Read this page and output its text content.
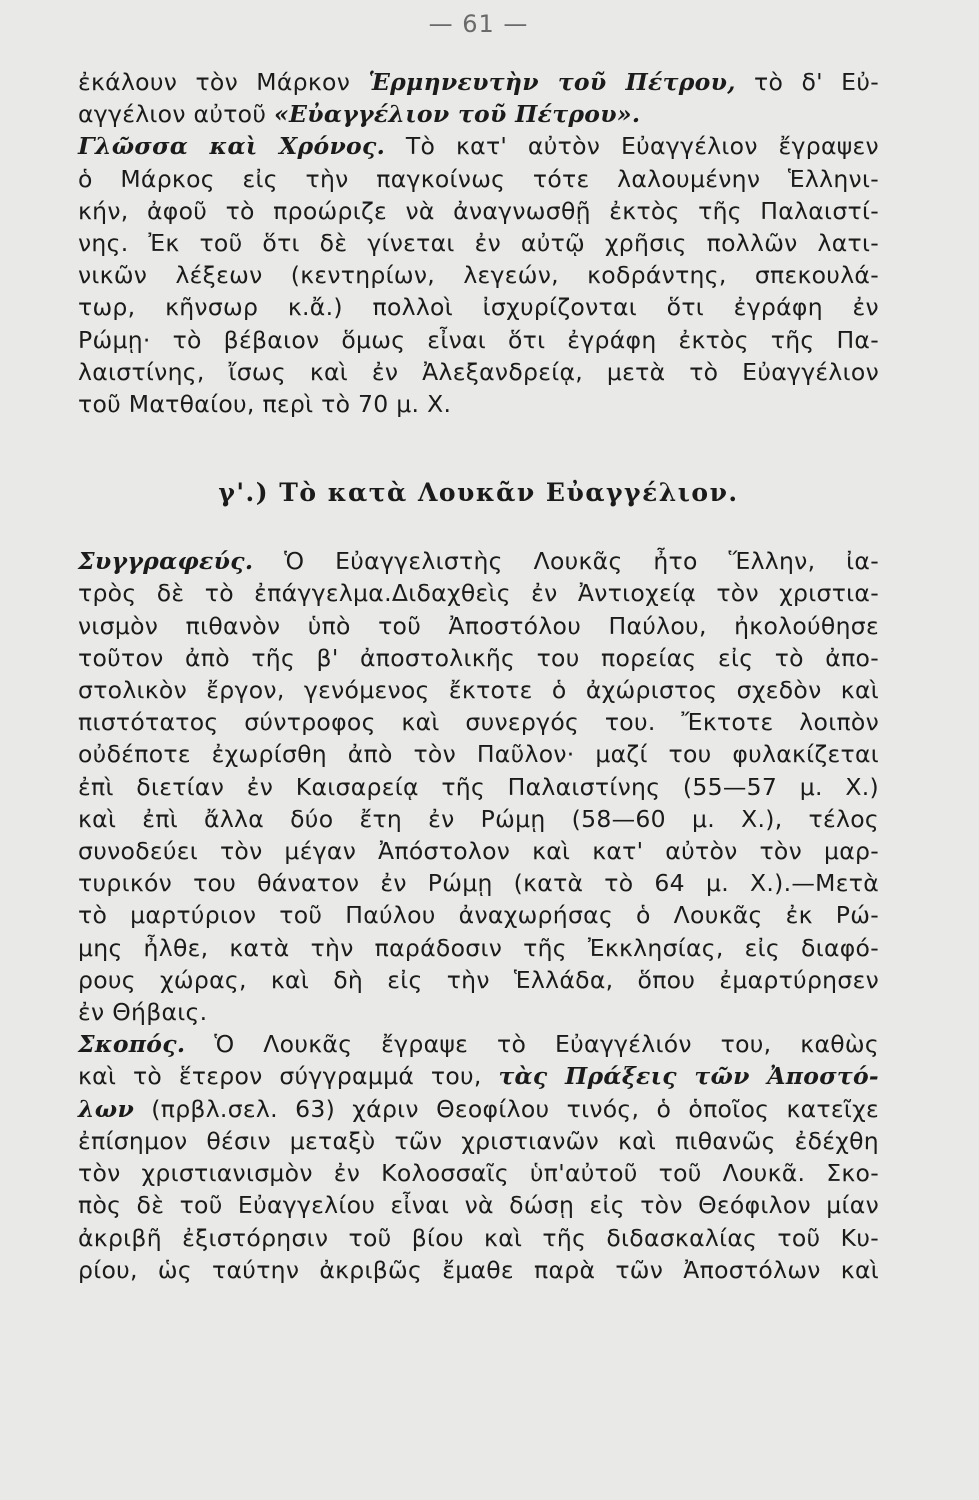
— 61 —
ἐκάλουν τὸν Μάρκον Ἑρμηνευτὴν τοῦ Πέτρου, τὸ δ' Εὐ-
αγγέλιον αὐτοῦ «Εὐαγγέλιον τοῦ Πέτρου».
Γλῶσσα καὶ Χρόνος. Τὸ κατ' αὐτὸν Εὐαγγέλιον ἔγραψεν
ὁ Μάρκος εἰς τὴν παγκοίνως τότε λαλουμένην Ἑλληνι-
κήν, ἀφοῦ τὸ προώριζε νὰ ἀναγνωσθῇ ἐκτὸς τῆς Παλαιστί-
νης. Ἐκ τοῦ ὅτι δὲ γίνεται ἐν αὐτῷ χρῆσις πολλῶν λατι-
νικῶν λέξεων (κεντηρίων, λεγεών, κοδράντης, σπεκουλά-
τωρ, κῆνσωρ κ.ἄ.) πολλοὶ ἰσχυρίζονται ὅτι ἐγράφη ἐν
Ρώμῃ· τὸ βέβαιον ὅμως εἶναι ὅτι ἐγράφη ἐκτὸς τῆς Πα-
λαιστίνης, ἴσως καὶ ἐν Ἀλεξανδρείᾳ, μετὰ τὸ Εὐαγγέλιον
τοῦ Ματθαίου, περὶ τὸ 70 μ. Χ.
γ'.) Τὸ κατὰ Λουκᾶν Εὐαγγέλιον.
Συγγραφεύς. Ὁ Εὐαγγελιστὴς Λουκᾶς ἦτο Ἕλλην, ἰα-
τρὸς δὲ τὸ ἐπάγγελμα.Διδαχθεὶς ἐν Ἀντιοχείᾳ τὸν χριστια-
νισμὸν πιθανὸν ὑπὸ τοῦ Ἀποστόλου Παύλου, ἠκολούθησε
τοῦτον ἀπὸ τῆς β' ἀποστολικῆς του πορείας εἰς τὸ ἀπο-
στολικὸν ἔργον, γενόμενος ἔκτοτε ὁ ἀχώριστος σχεδὸν καὶ
πιστότατος σύντροφος καὶ συνεργός του. Ἔκτοτε λοιπὸν
οὐδέποτε ἐχωρίσθη ἀπὸ τὸν Παῦλον· μαζί του φυλακίζεται
ἐπὶ διετίαν ἐν Καισαρείᾳ τῆς Παλαιστίνης (55—57 μ. Χ.)
καὶ ἐπὶ ἄλλα δύο ἔτη ἐν Ρώμῃ (58—60 μ. Χ.), τέλος
συνοδεύει τὸν μέγαν Ἀπόστολον καὶ κατ' αὐτὸν τὸν μαρ-
τυρικόν του θάνατον ἐν Ρώμῃ (κατὰ τὸ 64 μ. Χ.).—Μετὰ
τὸ μαρτύριον τοῦ Παύλου ἀναχωρήσας ὁ Λουκᾶς ἐκ Ρώ-
μης ἦλθε, κατὰ τὴν παράδοσιν τῆς Ἐκκλησίας, εἰς διαφό-
ρους χώρας, καὶ δὴ εἰς τὴν Ἑλλάδα, ὅπου ἐμαρτύρησεν
ἐν Θήβαις.
Σκοπός. Ὁ Λουκᾶς ἔγραψε τὸ Εὐαγγέλιόν του, καθὼς
καὶ τὸ ἕτερον σύγγραμμά του, τὰς Πράξεις τῶν Ἀποστό-
λων (πρβλ.σελ. 63) χάριν Θεοφίλου τινός, ὁ ὁποῖος κατεῖχε
ἐπίσημον θέσιν μεταξὺ τῶν χριστιανῶν καὶ πιθανῶς ἐδέχθη
τὸν χριστιανισμὸν ἐν Κολοσσαῖς ὑπ'αὐτοῦ τοῦ Λουκᾶ. Σκο-
πὸς δὲ τοῦ Εὐαγγελίου εἶναι νὰ δώσῃ εἰς τὸν Θεόφιλον μίαν
ἀκριβῆ ἐξιστόρησιν τοῦ βίου καὶ τῆς διδασκαλίας τοῦ Κυ-
ρίου, ὡς ταύτην ἀκριβῶς ἔμαθε παρὰ τῶν Ἀποστόλων καὶ
